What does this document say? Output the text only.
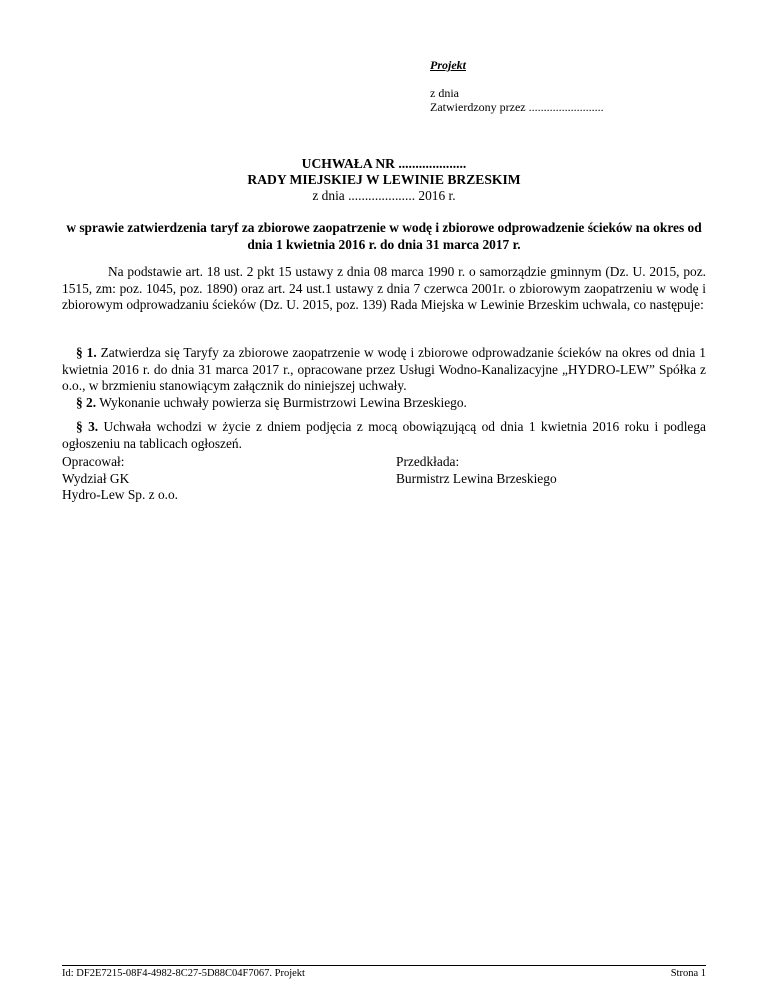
Projekt
z dnia
Zatwierdzony przez .........................
UCHWAŁA NR ....................
RADY MIEJSKIEJ W LEWINIE BRZESKIM
z dnia .................... 2016 r.
w sprawie zatwierdzenia taryf za zbiorowe zaopatrzenie w wodę i zbiorowe odprowadzenie ścieków na okres od dnia 1 kwietnia 2016 r. do dnia 31 marca 2017 r.
Na podstawie art. 18 ust. 2 pkt 15 ustawy z dnia 08 marca 1990 r. o samorządzie gminnym (Dz. U. 2015, poz. 1515, zm: poz. 1045, poz. 1890) oraz art. 24 ust.1 ustawy z dnia 7 czerwca 2001r. o zbiorowym zaopatrzeniu w wodę i zbiorowym odprowadzaniu ścieków (Dz. U. 2015, poz. 139) Rada Miejska w Lewinie Brzeskim uchwala, co następuje:
§ 1. Zatwierdza się Taryfy za zbiorowe zaopatrzenie w wodę i zbiorowe odprowadzanie ścieków na okres od dnia 1 kwietnia 2016 r. do dnia 31 marca 2017 r., opracowane przez Usługi Wodno-Kanalizacyjne „HYDRO-LEW” Spółka z o.o., w brzmieniu stanowiącym załącznik do niniejszej uchwały.
§ 2. Wykonanie uchwały powierza się Burmistrzowi Lewina Brzeskiego.
§ 3. Uchwała wchodzi w życie z dniem podjęcia z mocą obowiązującą od dnia 1 kwietnia 2016 roku i podlega ogłoszeniu na tablicach ogłoszeń.
Opracował:
Wydział GK
Hydro-Lew Sp. z o.o.
Przedkłada:
Burmistrz Lewina Brzeskiego
Id: DF2E7215-08F4-4982-8C27-5D88C04F7067. Projekt	Strona 1
